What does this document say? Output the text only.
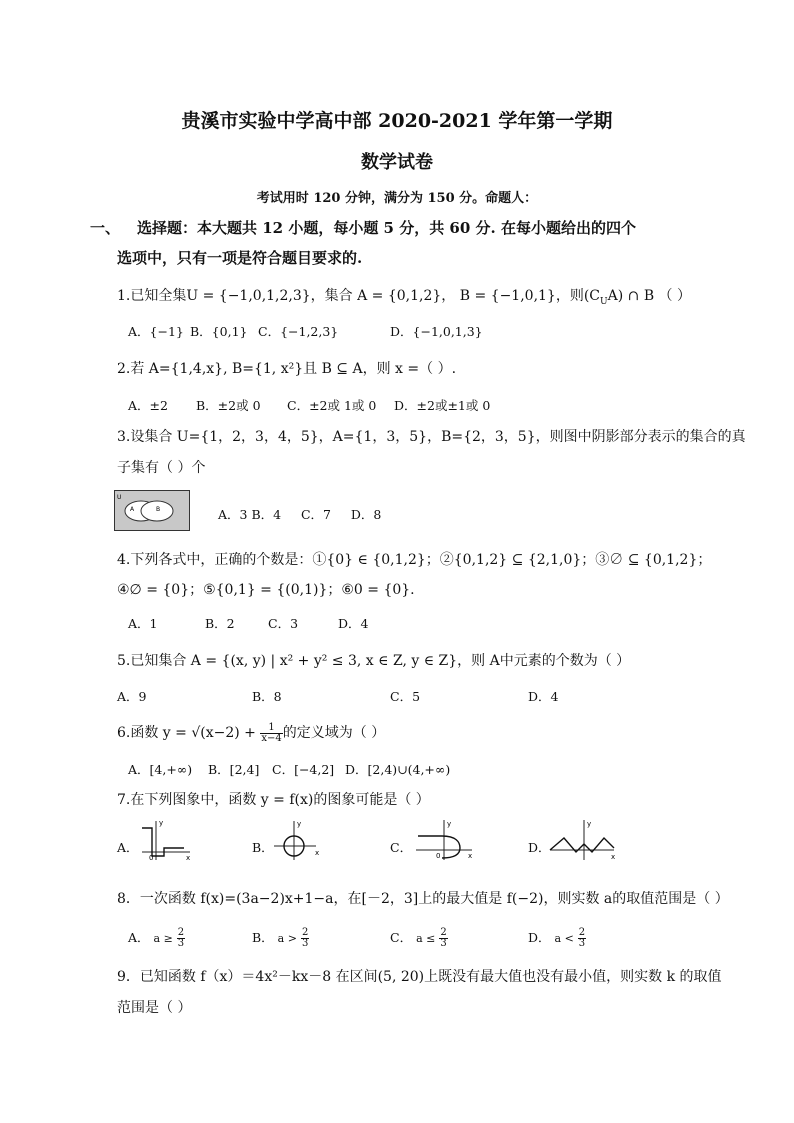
贵溪市实验中学高中部 2020-2021 学年第一学期
数学试卷
考试用时 120 分钟，满分为 150 分。命题人：
一、 选择题：本大题共 12 小题，每小题 5 分，共 60 分. 在每小题给出的四个
选项中，只有一项是符合题目要求的.
1.已知全集U = {−1,0,1,2,3}，集合 A = {0,1,2}， B = {−1,0,1}，则$(C_UA)$ ∩ B （ ）
A．{−1} B．{0,1} C．{−1,2,3}	D．{−1,0,1,3}
2.若 A={1,4,x}, B={1, x²}且 B ⊆ A，则 x =（ ）.
A．±2 B．±2或 0 C．±2或 1或 0 D．±2或±1或 0
3.设集合 U={1，2，3，4，5}，A={1，3，5}，B={2，3，5}，则图中阴影部分表示的集合的真
子集有（ ）个
U
A	B	A．3 B．4     C．7     D．8
4.下列各式中，正确的个数是：①{0} ∈ {0,1,2}；②{0,1,2} ⊆ {2,1,0}；③∅ ⊆ {0,1,2}；
④∅ = {0}；⑤{0,1} = {(0,1)}；⑥0 = {0}.
A．1	B．2	C．3	D．4
5.已知集合 A = {(x, y) | x² + y² ≤ 3, x ∈ Z, y ∈ Z}，则 A中元素的个数为（ ）
A．9	B．8	C．5	D．4
6.函数 $y = √(x-2) + \frac{1}{x-4}$ 的定义域为（ ）
A．[4,+∞) B．[2,4] C．[−4,2] D．[2,4)∪(4,+∞)
7.在下列图象中，函数 y = f(x)的图象可能是（ ）
A．
y
x
0
B．
y
x	C．
y
x
0
D．
y
x
8．一次函数 f(x)=(3a−2)x+1−a，在[－2，3]上的最大值是 f(−2)，则实数 a的取值范围是（ ）
A． $a \ge \frac{2}{3}$	B． $a > \frac{2}{3}$	C． $a \le \frac{2}{3}$	D． $a < \frac{2}{3}$
9．已知函数 f（x）＝4x²－kx－8 在区间(5, 20)上既没有最大值也没有最小值，则实数 k 的取值
范围是（ ）
